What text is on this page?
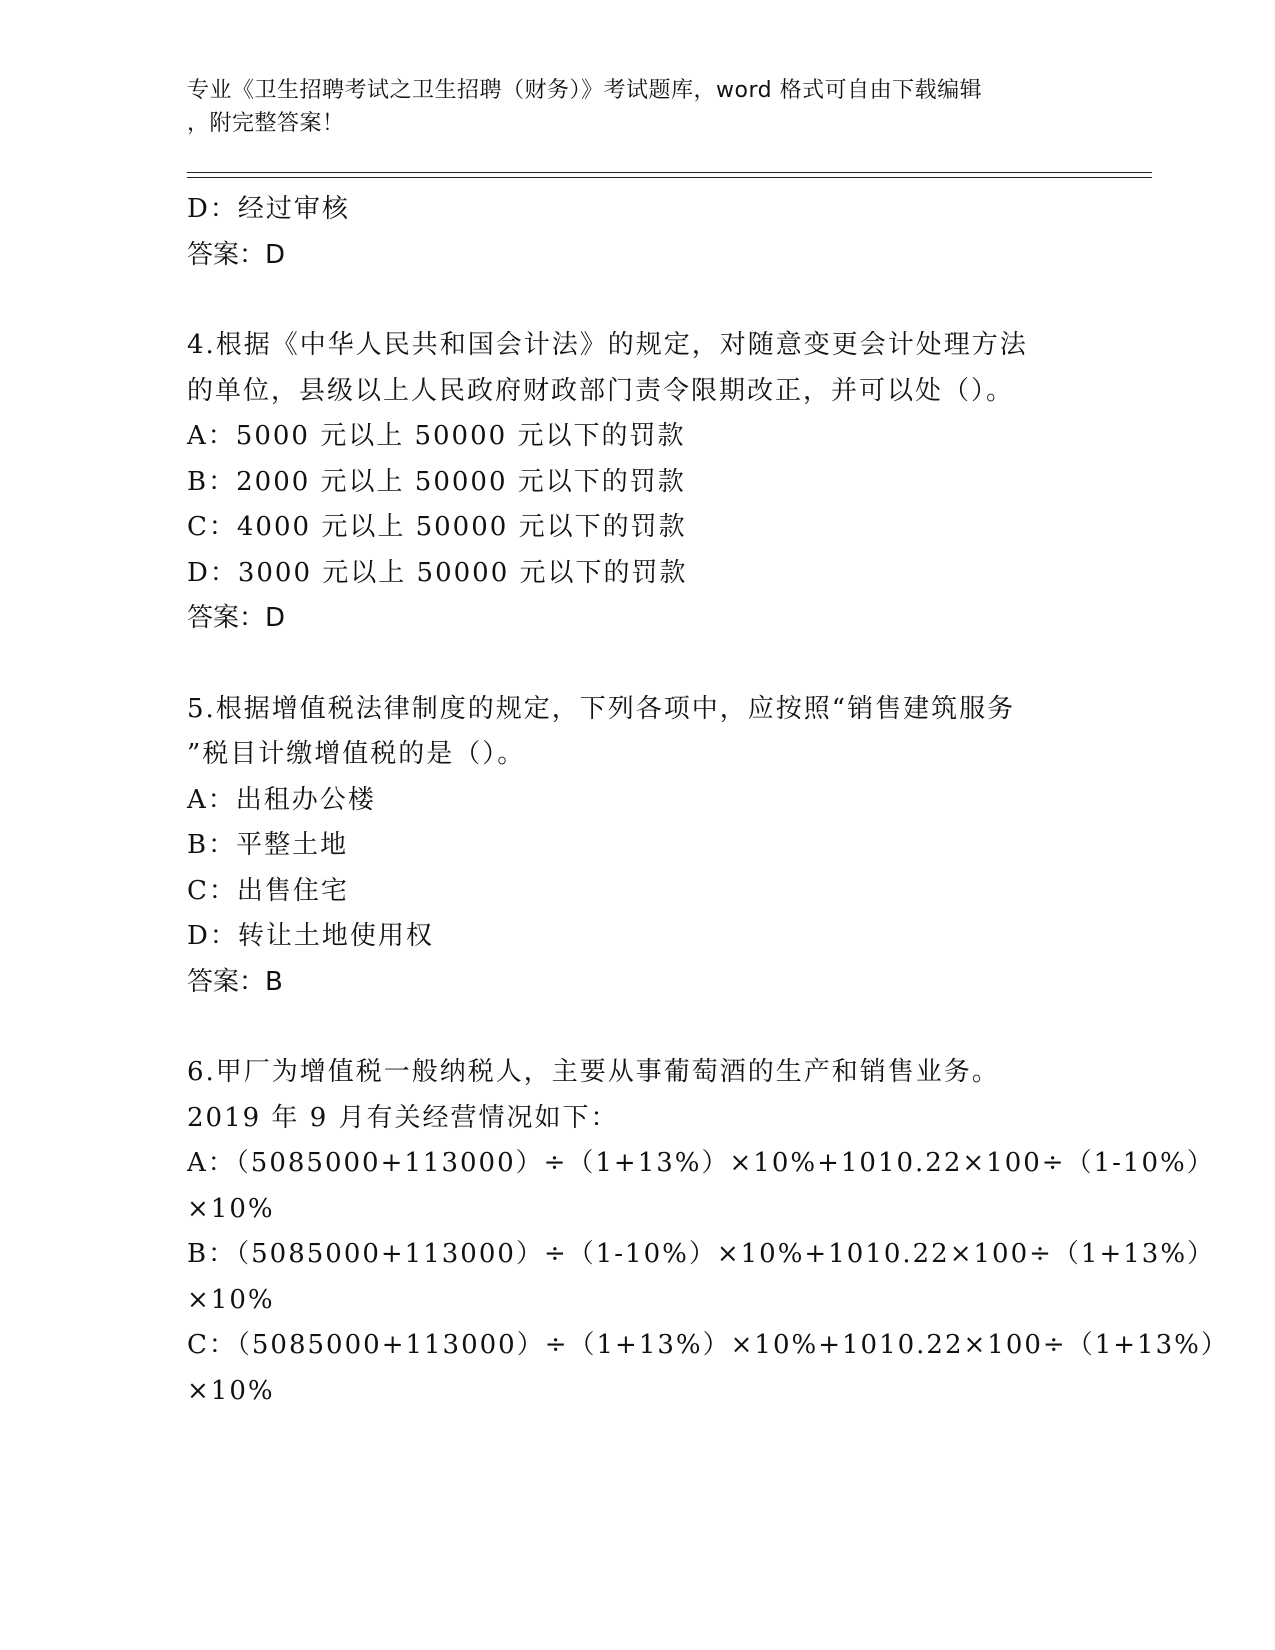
专业《卫生招聘考试之卫生招聘（财务）》考试题库，word 格式可自由下载编辑
，附完整答案！
D：经过审核
答案：D
4.根据《中华人民共和国会计法》的规定，对随意变更会计处理方法
的单位，县级以上人民政府财政部门责令限期改正，并可以处（）。
A：5000 元以上 50000 元以下的罚款
B：2000 元以上 50000 元以下的罚款
C：4000 元以上 50000 元以下的罚款
D：3000 元以上 50000 元以下的罚款
答案：D
5.根据增值税法律制度的规定，下列各项中，应按照“销售建筑服务
”税目计缴增值税的是（）。
A：出租办公楼
B：平整土地
C：出售住宅
D：转让土地使用权
答案：B
6.甲厂为增值税一般纳税人，主要从事葡萄酒的生产和销售业务。
2019 年 9 月有关经营情况如下：
A：（5085000+113000）÷（1+13%）×10%+1010.22×100÷（1-10%）
×10%
B：（5085000+113000）÷（1-10%）×10%+1010.22×100÷（1+13%）
×10%
C：（5085000+113000）÷（1+13%）×10%+1010.22×100÷（1+13%）
×10%
